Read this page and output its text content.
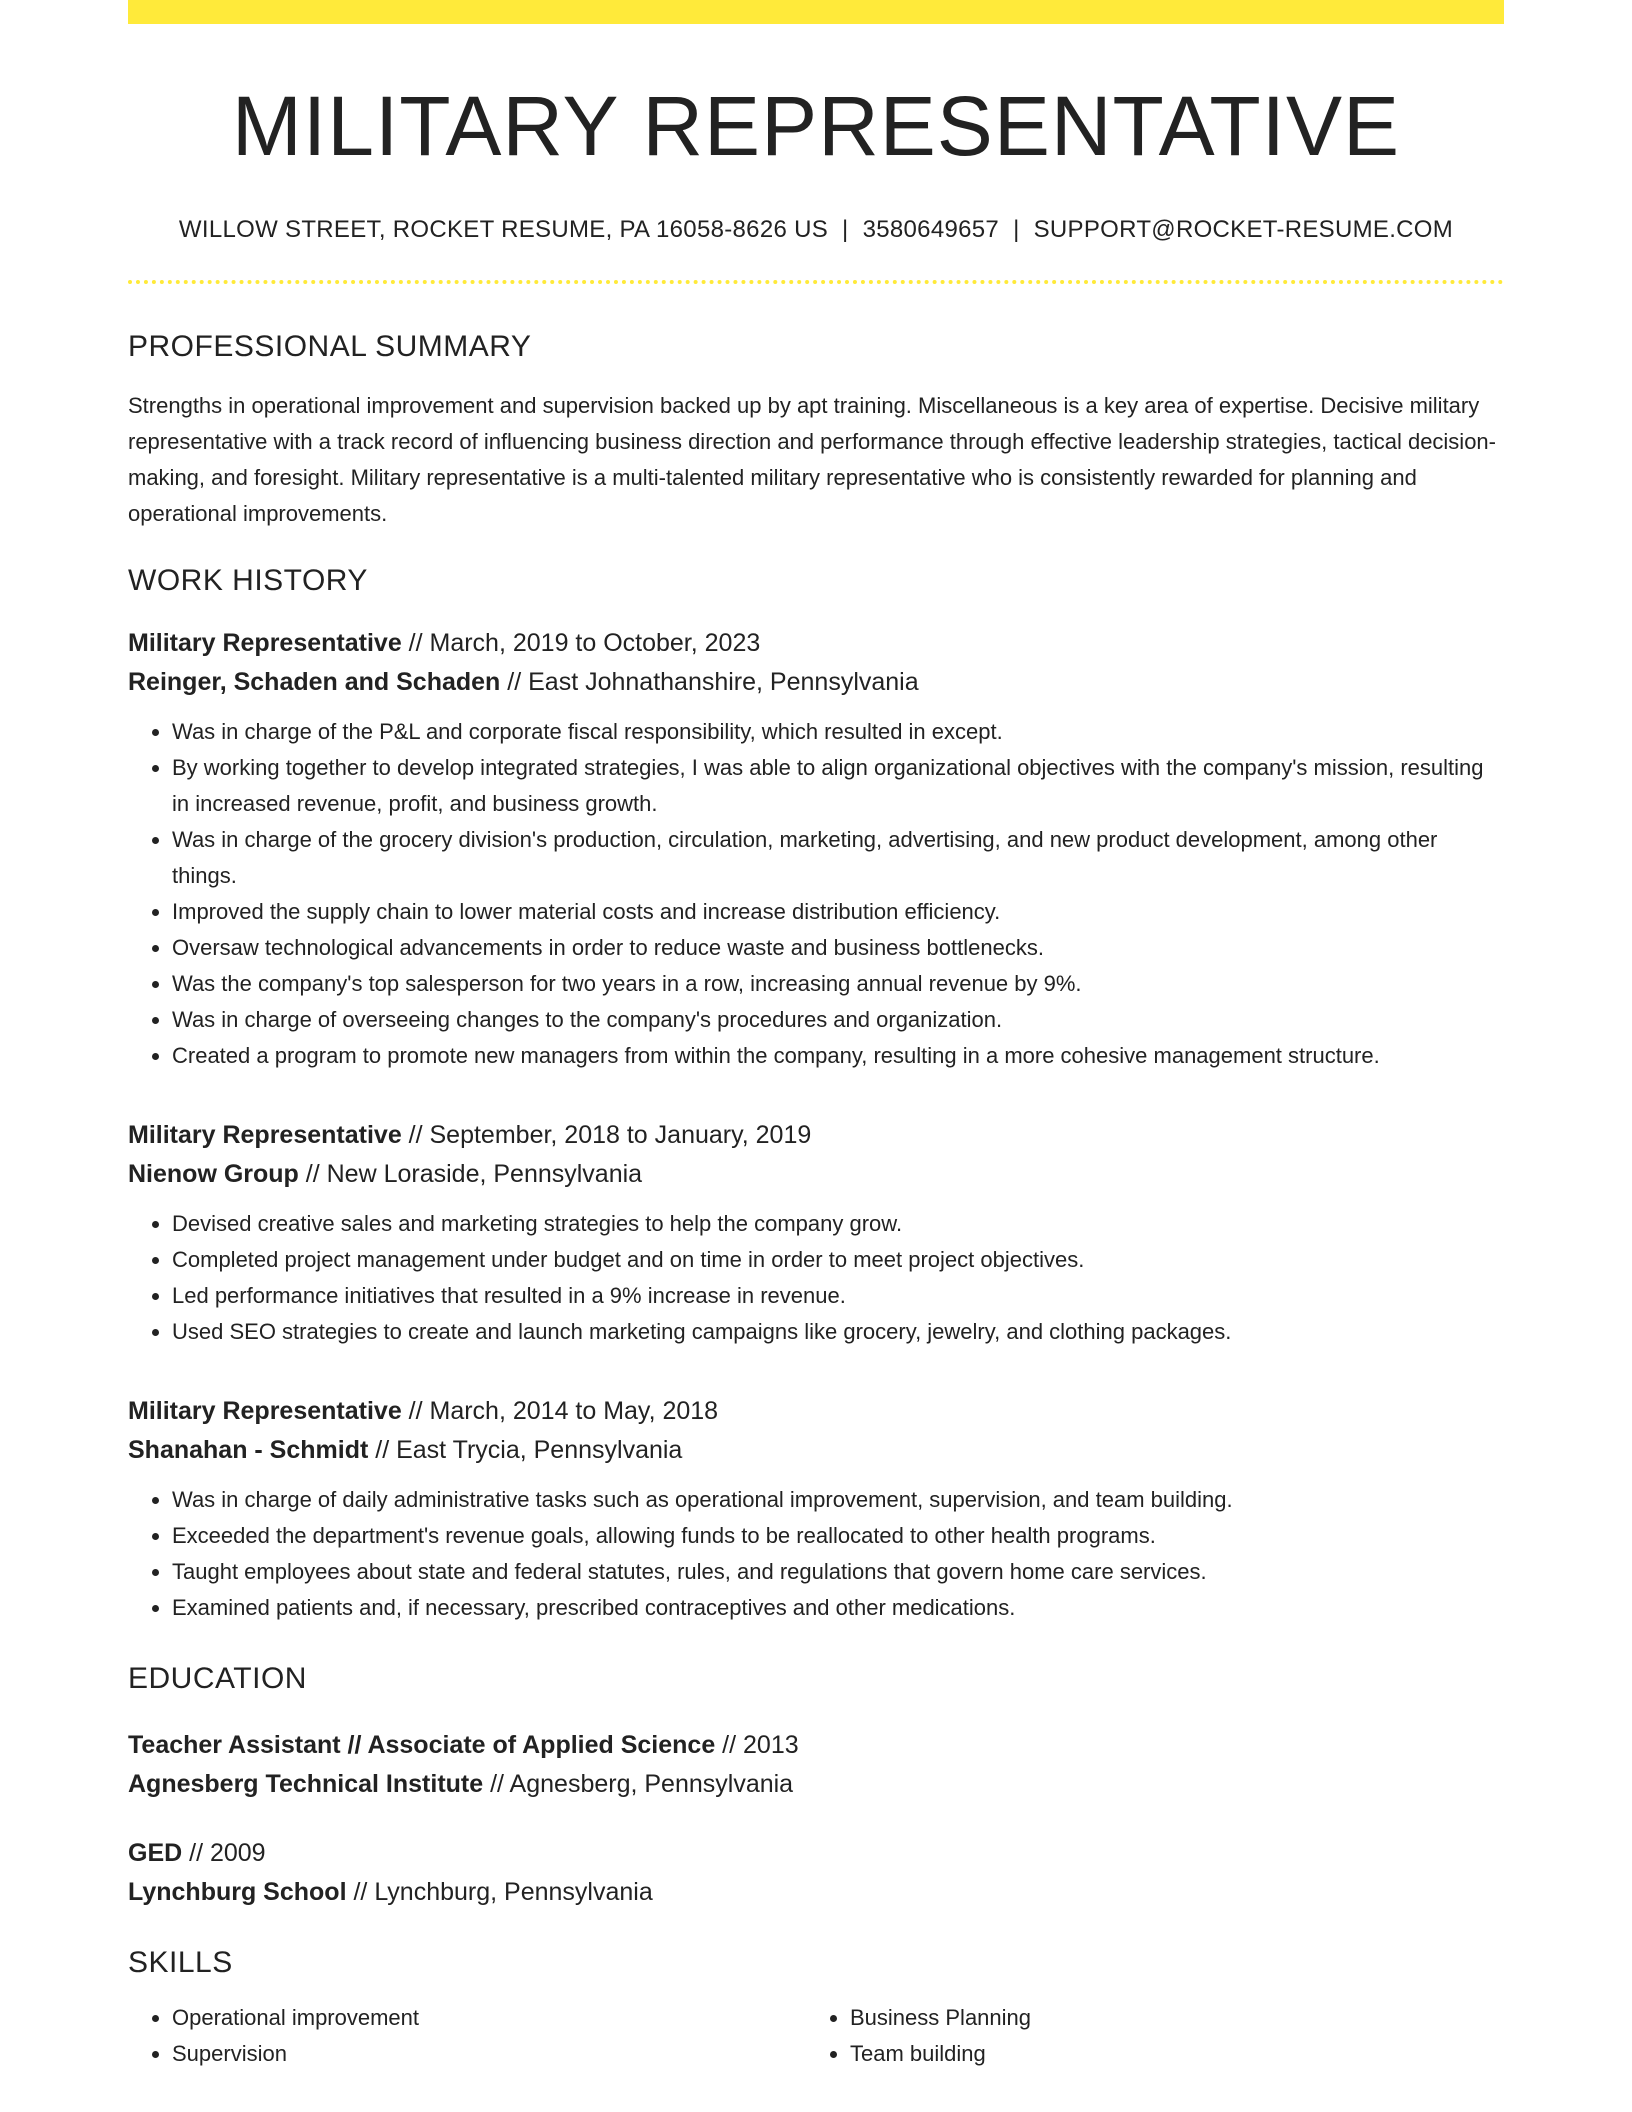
MILITARY REPRESENTATIVE
WILLOW STREET, ROCKET RESUME, PA 16058-8626 US | 3580649657 | SUPPORT@ROCKET-RESUME.COM
PROFESSIONAL SUMMARY

Strengths in operational improvement and supervision backed up by apt training. Miscellaneous is a key area of expertise. Decisive military representative with a track record of influencing business direction and performance through effective leadership strategies, tactical decision-making, and foresight. Military representative is a multi-talented military representative who is consistently rewarded for planning and operational improvements.

WORK HISTORY
Military Representative // March, 2019 to October, 2023
Reinger, Schaden and Schaden // East Johnathanshire, Pennsylvania
• Was in charge of the P&L and corporate fiscal responsibility, which resulted in except.
• By working together to develop integrated strategies, I was able to align organizational objectives with the company's mission, resulting in increased revenue, profit, and business growth.
• Was in charge of the grocery division's production, circulation, marketing, advertising, and new product development, among other things.
• Improved the supply chain to lower material costs and increase distribution efficiency.
• Oversaw technological advancements in order to reduce waste and business bottlenecks.
• Was the company's top salesperson for two years in a row, increasing annual revenue by 9%.
• Was in charge of overseeing changes to the company's procedures and organization.
• Created a program to promote new managers from within the company, resulting in a more cohesive management structure.
Military Representative // September, 2018 to January, 2019
Nienow Group // New Loraside, Pennsylvania
• Devised creative sales and marketing strategies to help the company grow.
• Completed project management under budget and on time in order to meet project objectives.
• Led performance initiatives that resulted in a 9% increase in revenue.
• Used SEO strategies to create and launch marketing campaigns like grocery, jewelry, and clothing packages.
Military Representative // March, 2014 to May, 2018
Shanahan - Schmidt // East Trycia, Pennsylvania
• Was in charge of daily administrative tasks such as operational improvement, supervision, and team building.
• Exceeded the department's revenue goals, allowing funds to be reallocated to other health programs.
• Taught employees about state and federal statutes, rules, and regulations that govern home care services.
• Examined patients and, if necessary, prescribed contraceptives and other medications.
EDUCATION
Teacher Assistant // Associate of Applied Science // 2013
Agnesberg Technical Institute // Agnesberg, Pennsylvania
GED // 2009
Lynchburg School // Lynchburg, Pennsylvania
SKILLS
• Operational improvement
• Supervision
• Business Planning
• Team building
